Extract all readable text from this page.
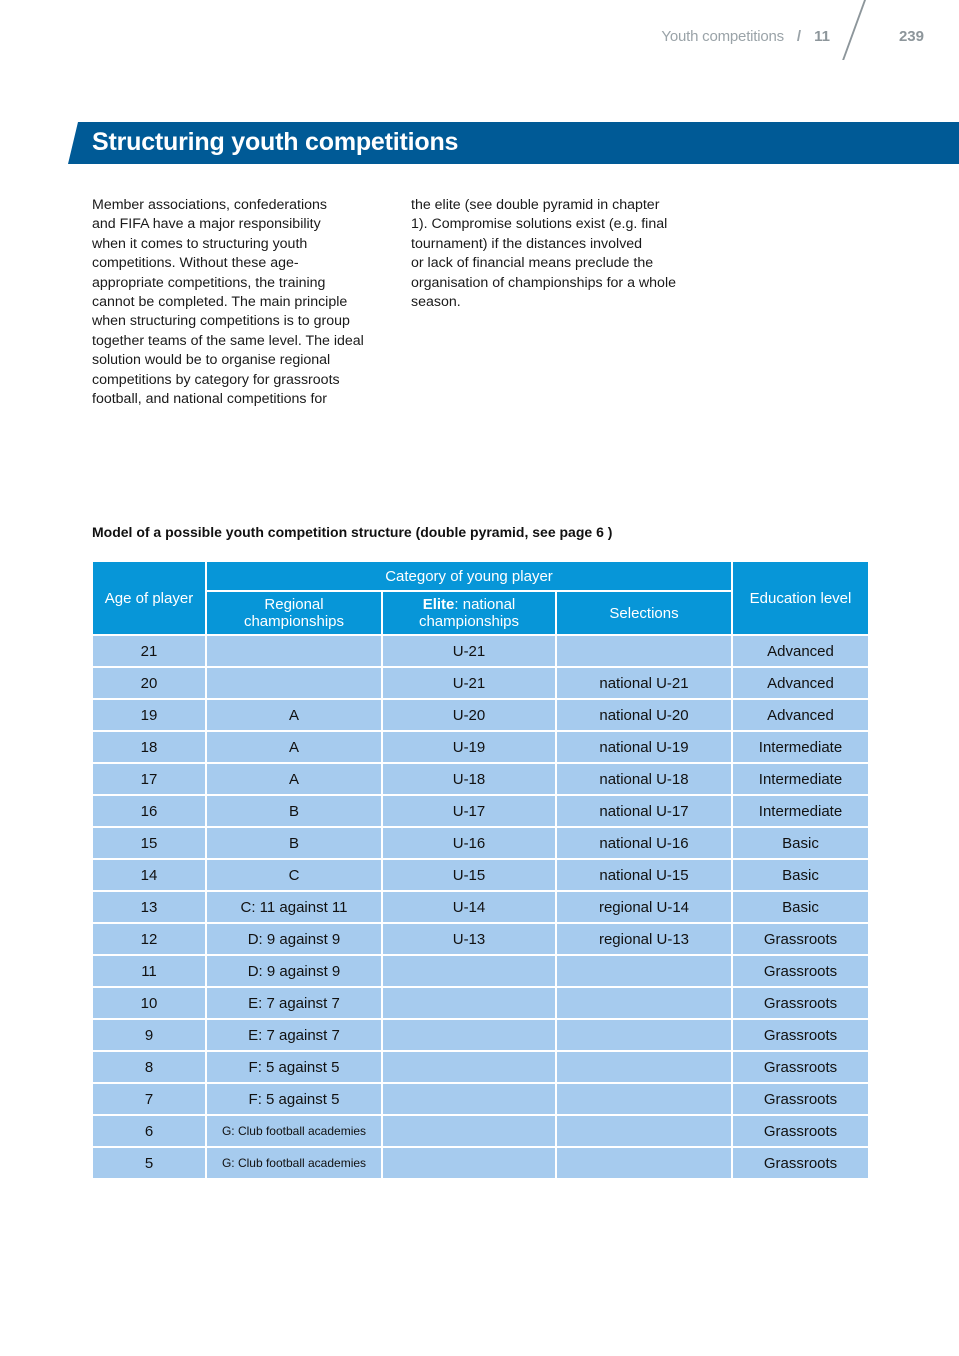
Youth competitions / 11	239
Structuring youth competitions
Member associations, confederations
and FIFA have a major responsibility
when it comes to structuring youth
competitions. Without these age-
appropriate competitions, the training
cannot be completed. The main principle
when structuring competitions is to group
together teams of the same level. The ideal
solution would be to organise regional
competitions by category for grassroots
football, and national competitions for
the elite (see double pyramid in chapter
1). Compromise solutions exist (e.g. final
tournament) if the distances involved
or lack of financial means preclude the
organisation of championships for a whole
season.
Model of a possible youth competition structure (double pyramid, see page 6 )
Age of player	Category of young player			Education level
	Regional championships	Elite: national championships	Selections	
21		U-21		Advanced
20		U-21	national U-21	Advanced
19	A	U-20	national U-20	Advanced
18	A	U-19	national U-19	Intermediate
17	A	U-18	national U-18	Intermediate
16	B	U-17	national U-17	Intermediate
15	B	U-16	national U-16	Basic
14	C	U-15	national U-15	Basic
13	C: 11 against 11	U-14	regional U-14	Basic
12	D: 9 against 9	U-13	regional U-13	Grassroots
11	D: 9 against 9			Grassroots
10	E: 7 against 7			Grassroots
9	E: 7 against 7			Grassroots
8	F: 5 against 5			Grassroots
7	F: 5 against 5			Grassroots
6	G: Club football academies			Grassroots
5	G: Club football academies			Grassroots
